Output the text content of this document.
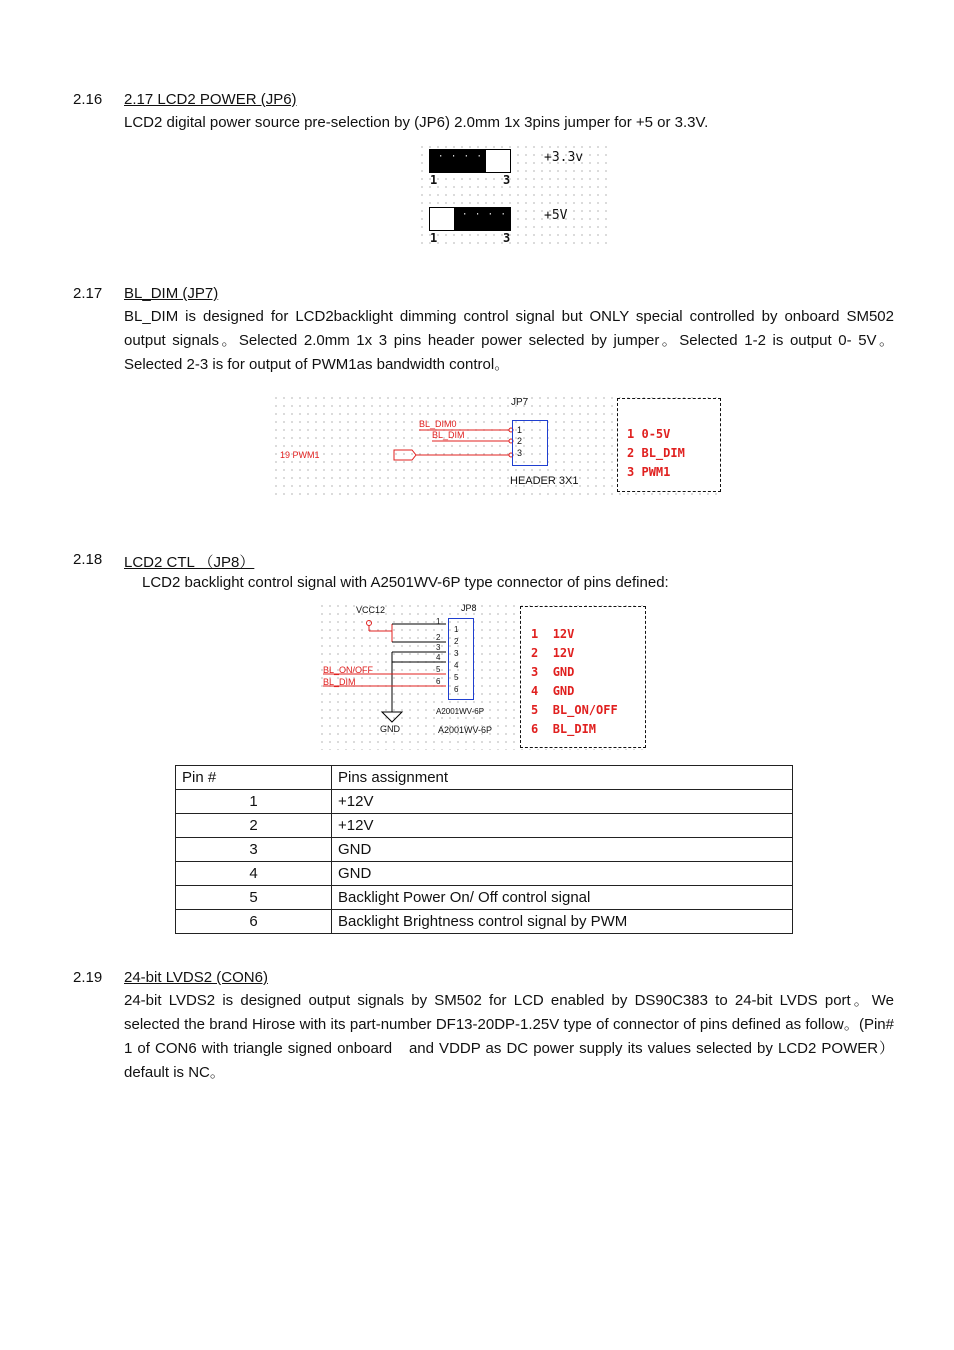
2.16 2.17 LCD2 POWER (JP6)
LCD2 digital power source pre-selection by (JP6) 2.0mm 1x 3pins jumper for +5 or 3.3V.
· · · ·
1	3
+3.3v
· · · ·
1	3
+5V
2.17 BL_DIM (JP7)
BL_DIM is designed for LCD2backlight dimming control signal but ONLY special controlled by onboard SM502 output signals。Selected 2.0mm 1x 3 pins header power selected by jumper。Selected 1-2 is output 0- 5V。Selected 2-3 is for output of PWM1as bandwidth control。
JP7
BL_DIM0
BL_DIM
19 PWM1
1
2
3
HEADER 3X1
1 0-5V
2 BL_DIM
3 PWM1
2.18 LCD2 CTL （JP8）
LCD2 backlight control signal with A2501WV-6P type connector of pins defined:
VCC12	JP8
BL_ON/OFF
BL_DIM
GND
A2001WV-6P
A2001WV-6P
1
2
3
4
5
6
1
2
3
4
5
6
1 12V
2 12V
3 GND
4 GND
5 BL_ON/OFF
6 BL_DIM
Pin #	Pins assignment
1	+12V
2	+12V
3	GND
4	GND
5	Backlight Power On/ Off control signal
6	Backlight Brightness control signal by PWM
2.19 24-bit LVDS2 (CON6)
24-bit LVDS2 is designed output signals by SM502 for LCD enabled by DS90C383 to 24-bit LVDS port。We selected the brand Hirose with its part-number DF13-20DP-1.25V type of connector of pins defined as follow。(Pin# 1 of CON6 with triangle signed onboard　and VDDP as DC power supply its values selected by LCD2 POWER）default is NC。
